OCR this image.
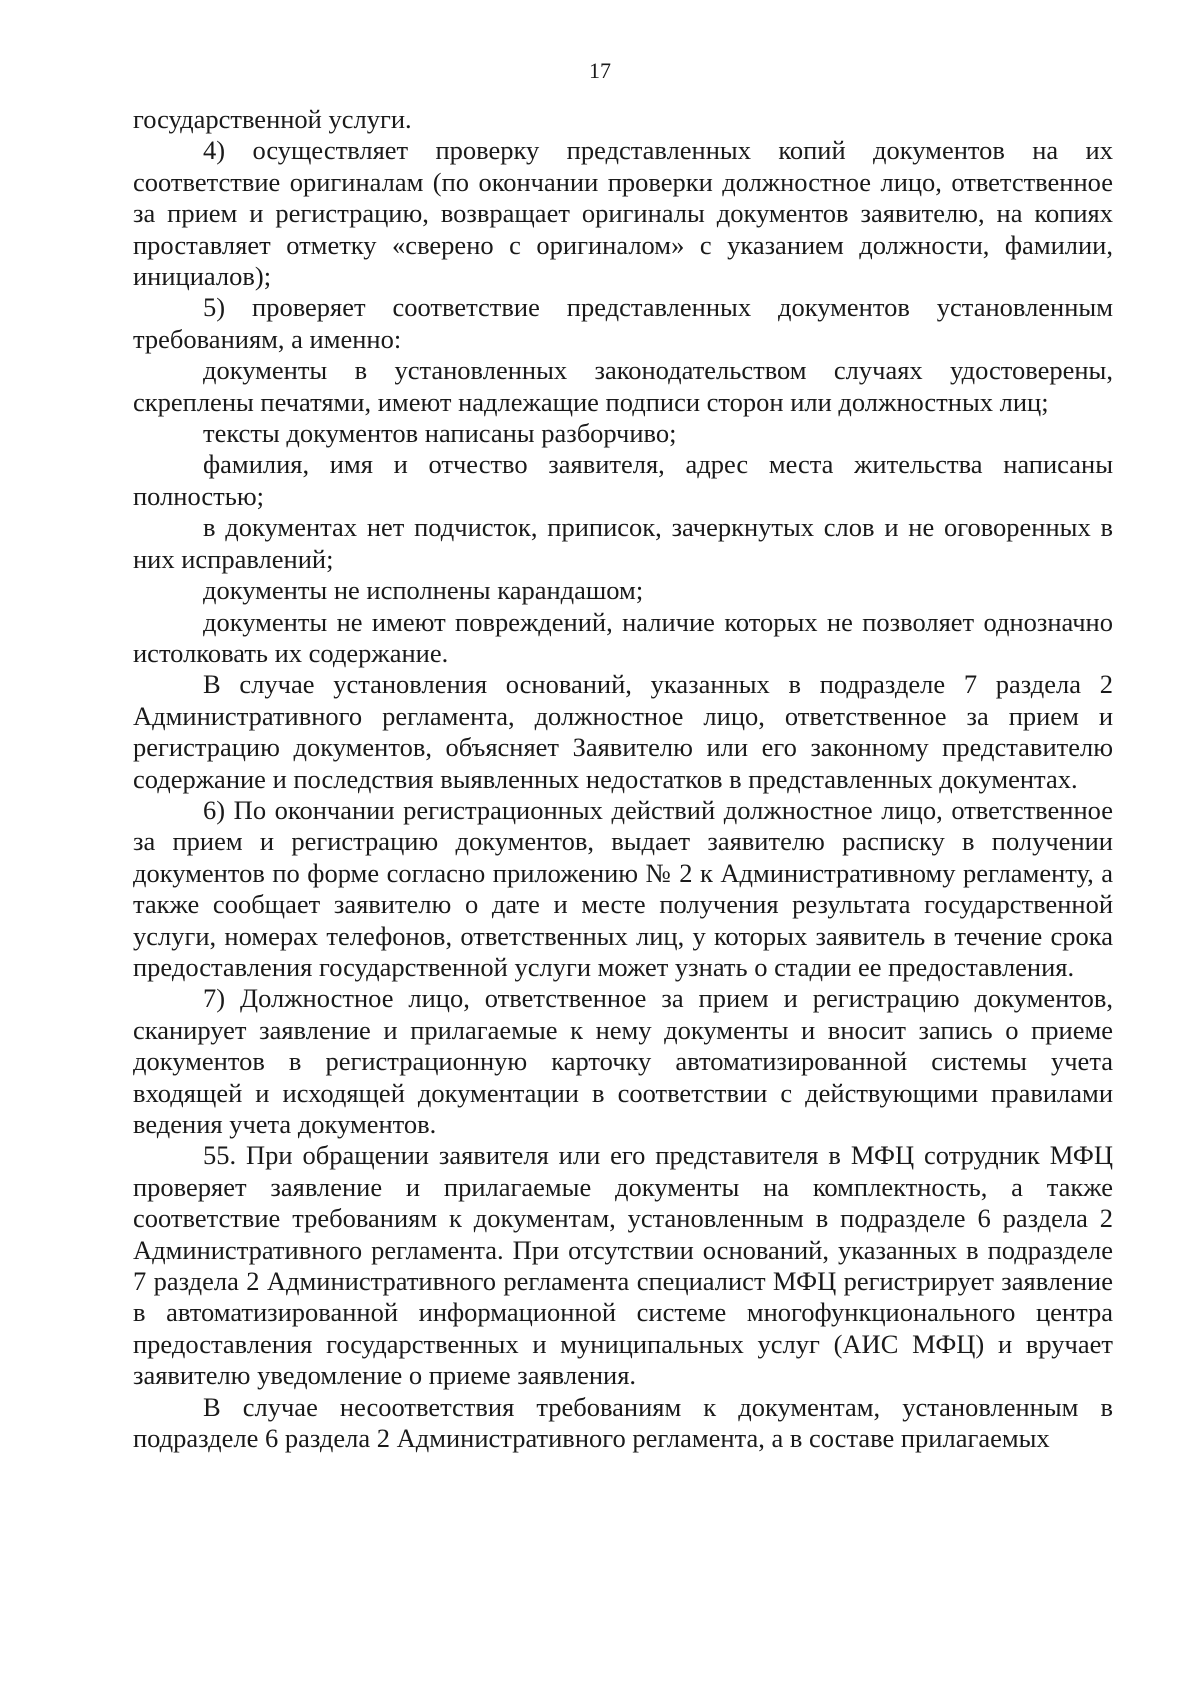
17

государственной услуги.

4) осуществляет проверку представленных копий документов на их соответствие оригиналам (по окончании проверки должностное лицо, ответственное за прием и регистрацию, возвращает оригиналы документов заявителю, на копиях проставляет отметку «сверено с оригиналом» с указанием должности, фамилии, инициалов);

5) проверяет соответствие представленных документов установленным требованиям, а именно:

документы в установленных законодательством случаях удостоверены, скреплены печатями, имеют надлежащие подписи сторон или должностных лиц;

тексты документов написаны разборчиво;

фамилия, имя и отчество заявителя, адрес места жительства написаны полностью;

в документах нет подчисток, приписок, зачеркнутых слов и не оговоренных в них исправлений;

документы не исполнены карандашом;

документы не имеют повреждений, наличие которых не позволяет однозначно истолковать их содержание.

В случае установления оснований, указанных в подразделе 7 раздела 2 Административного регламента, должностное лицо, ответственное за прием и регистрацию документов, объясняет Заявителю или его законному представителю содержание и последствия выявленных недостатков в представленных документах.

6) По окончании регистрационных действий должностное лицо, ответственное за прием и регистрацию документов, выдает заявителю расписку в получении документов по форме согласно приложению № 2 к Административному регламенту, а также сообщает заявителю о дате и месте получения результата государственной услуги, номерах телефонов, ответственных лиц, у которых заявитель в течение срока предоставления государственной услуги может узнать о стадии ее предоставления.

7) Должностное лицо, ответственное за прием и регистрацию документов, сканирует заявление и прилагаемые к нему документы и вносит запись о приеме документов в регистрационную карточку автоматизированной системы учета входящей и исходящей документации в соответствии с действующими правилами ведения учета документов.

55. При обращении заявителя или его представителя в МФЦ сотрудник МФЦ проверяет заявление и прилагаемые документы на комплектность, а также соответствие требованиям к документам, установленным в подразделе 6 раздела 2 Административного регламента. При отсутствии оснований, указанных в подразделе 7 раздела 2 Административного регламента специалист МФЦ регистрирует заявление в автоматизированной информационной системе многофункционального центра предоставления государственных и муниципальных услуг (АИС МФЦ) и вручает заявителю уведомление о приеме заявления.

В случае несоответствия требованиям к документам, установленным в подразделе 6 раздела 2 Административного регламента, а в составе прилагаемых
